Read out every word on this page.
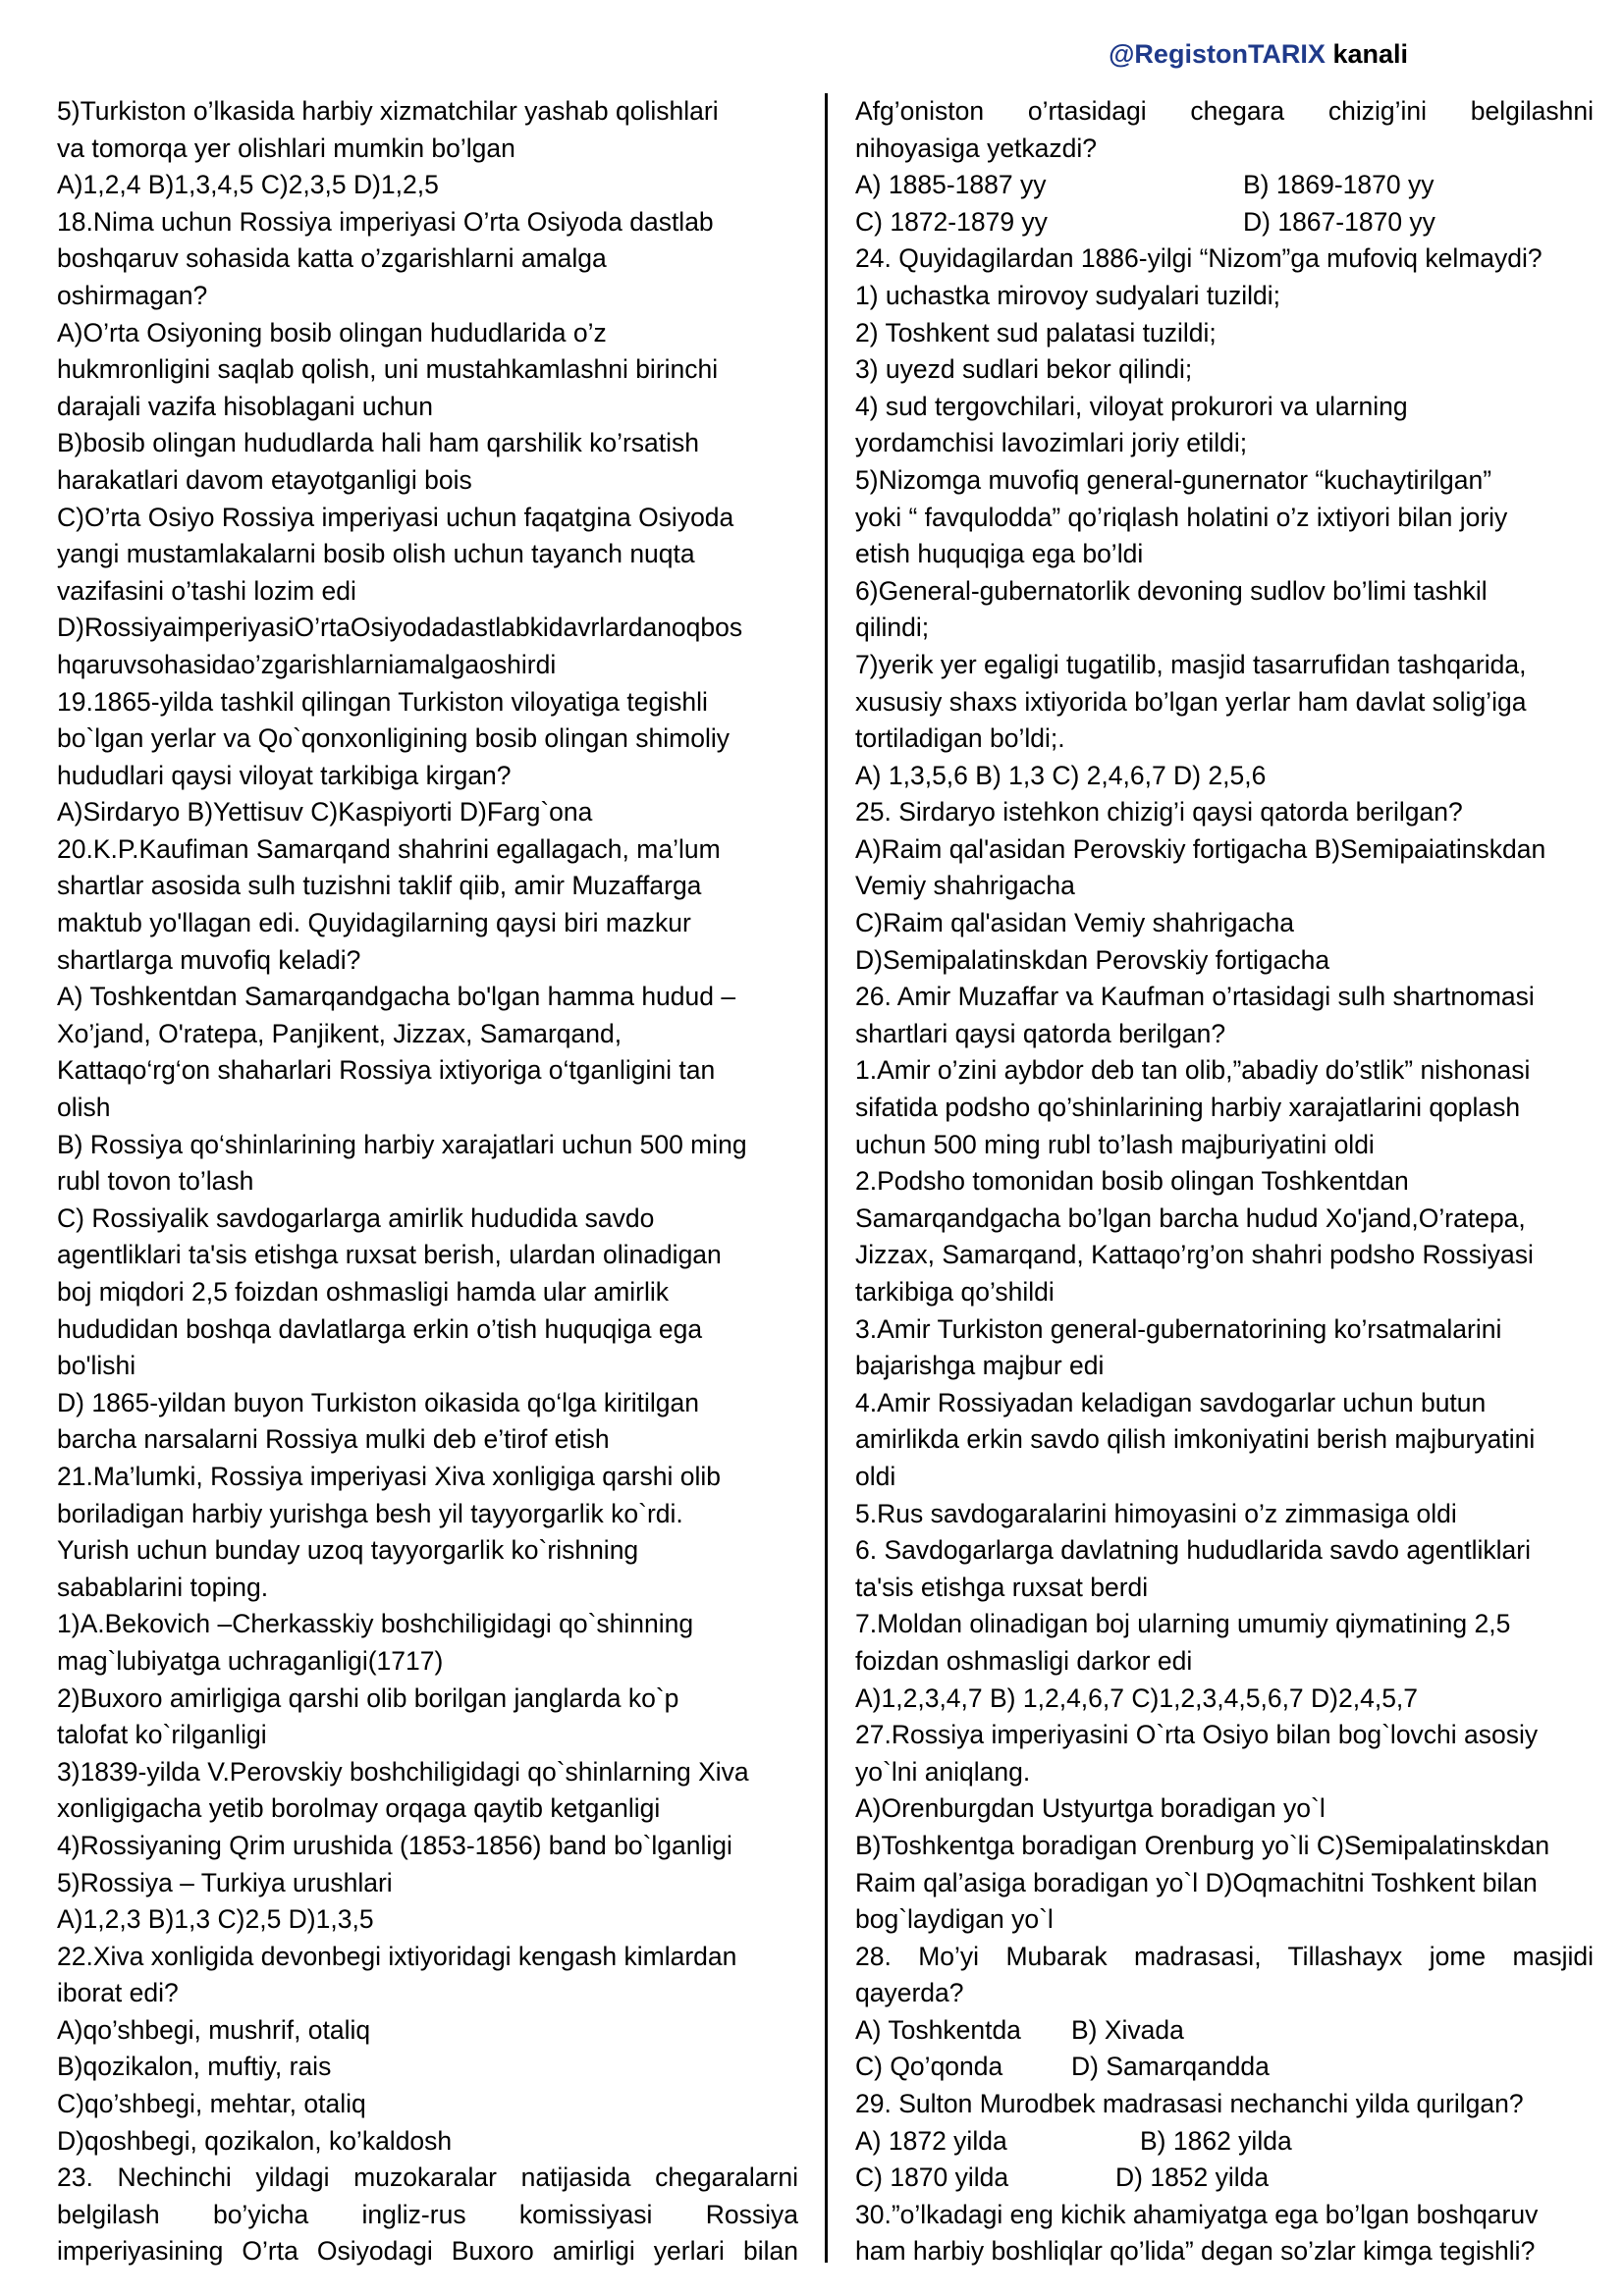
@RegistonTARIX kanali
5)Turkiston o’lkasida harbiy xizmatchilar yashab qolishlari
va tomorqa yer olishlari mumkin bo’lgan
A)1,2,4 B)1,3,4,5 C)2,3,5 D)1,2,5
18.Nima uchun Rossiya imperiyasi O’rta Osiyoda dastlab
boshqaruv sohasida katta o’zgarishlarni amalga
oshirmagan?
A)O’rta Osiyoning bosib olingan hududlarida o’z
hukmronligini saqlab qolish, uni mustahkamlashni birinchi
darajali vazifa hisoblagani uchun
B)bosib olingan hududlarda hali ham qarshilik ko’rsatish
harakatlari davom etayotganligi bois
C)O’rta Osiyo Rossiya imperiyasi uchun faqatgina Osiyoda
yangi mustamlakalarni bosib olish uchun tayanch nuqta
vazifasini o’tashi lozim edi
D)RossiyaimperiyasiO’rtaOsiyodadastlabkidavrlardanoqbos
hqaruvsohasidao’zgarishlarniamalgaoshirdi
19.1865-yilda tashkil qilingan Turkiston viloyatiga tegishli
bo`lgan yerlar va Qo`qonxonligining bosib olingan shimoliy
hududlari qaysi viloyat tarkibiga kirgan?
A)Sirdaryo B)Yettisuv C)Kaspiyorti D)Farg`ona
20.K.P.Kaufiman Samarqand shahrini egallagach, ma’lum
shartlar asosida sulh tuzishni taklif qiib, amir Muzaffarga
maktub yo'llagan edi. Quyidagilarning qaysi biri mazkur
shartlarga muvofiq keladi?
A) Toshkentdan Samarqandgacha bo'lgan hamma hudud –
Xo’jand, O'ratepa, Panjikent, Jizzax, Samarqand,
Kattaqo‘rg‘on shaharlari Rossiya ixtiyoriga o‘tganligini tan
olish
B) Rossiya qo‘shinlarining harbiy xarajatlari uchun 500 ming
rubl tovon to’lash
C) Rossiyalik savdogarlarga amirlik hududida savdo
agentliklari ta'sis etishga ruxsat berish, ulardan olinadigan
boj miqdori 2,5 foizdan oshmasligi hamda ular amirlik
hududidan boshqa davlatlarga erkin o’tish huquqiga ega
bo'lishi
D) 1865-yildan buyon Turkiston oikasida qo‘lga kiritilgan
barcha narsalarni Rossiya mulki deb e’tirof etish
21.Ma’lumki, Rossiya imperiyasi Xiva xonligiga qarshi olib
boriladigan harbiy yurishga besh yil tayyorgarlik ko`rdi.
Yurish uchun bunday uzoq tayyorgarlik ko`rishning
sabablarini toping.
1)A.Bekovich –Cherkasskiy boshchiligidagi qo`shinning
mag`lubiyatga uchraganligi(1717)
2)Buxoro amirligiga qarshi olib borilgan janglarda ko`p
talofat ko`rilganligi
3)1839-yilda V.Perovskiy boshchiligidagi qo`shinlarning Xiva
xonligigacha yetib borolmay orqaga qaytib ketganligi
4)Rossiyaning Qrim urushida (1853-1856) band bo`lganligi
5)Rossiya – Turkiya urushlari
A)1,2,3 B)1,3 C)2,5 D)1,3,5
22.Xiva xonligida devonbegi ixtiyoridagi kengash kimlardan
iborat edi?
A)qo’shbegi, mushrif, otaliq
B)qozikalon, muftiy, rais
C)qo’shbegi, mehtar, otaliq
D)qoshbegi, qozikalon, ko’kaldosh
23. Nechinchi yildagi muzokaralar natijasida chegaralarni
belgilash bo’yicha ingliz-rus komissiyasi Rossiya
imperiyasining O’rta Osiyodagi Buxoro amirligi yerlari bilan
Afg’oniston o’rtasidagi chegara chizig’ini belgilashni
nihoyasiga yetkazdi?
A) 1885-1887 yy	B) 1869-1870 yy
C) 1872-1879 yy	D) 1867-1870 yy
24. Quyidagilardan 1886-yilgi “Nizom”ga mufoviq kelmaydi?
1) uchastka mirovoy sudyalari tuzildi;
2) Toshkent sud palatasi tuzildi;
3) uyezd sudlari bekor qilindi;
4) sud tergovchilari, viloyat prokurori va ularning
yordamchisi lavozimlari joriy etildi;
5)Nizomga muvofiq general-gunernator “kuchaytirilgan”
yoki “ favqulodda” qo’riqlash holatini o’z ixtiyori bilan joriy
etish huquqiga ega bo’ldi
6)General-gubernatorlik devoning sudlov bo’limi tashkil
qilindi;
7)yerik yer egaligi tugatilib, masjid tasarrufidan tashqarida,
xususiy shaxs ixtiyorida bo’lgan yerlar ham davlat solig’iga
tortiladigan bo’ldi;.
A) 1,3,5,6 B) 1,3 C) 2,4,6,7 D) 2,5,6
25. Sirdaryo istehkon chizig’i qaysi qatorda berilgan?
A)Raim qal'asidan Perovskiy fortigacha B)Semipaiatinskdan
Vemiy shahrigacha
C)Raim qal'asidan Vemiy shahrigacha
D)Semipalatinskdan Perovskiy fortigacha
26. Amir Muzaffar va Kaufman o’rtasidagi sulh shartnomasi
shartlari qaysi qatorda berilgan?
1.Amir o’zini aybdor deb tan olib,”abadiy do’stlik” nishonasi
sifatida podsho qo’shinlarining harbiy xarajatlarini qoplash
uchun 500 ming rubl to’lash majburiyatini oldi
2.Podsho tomonidan bosib olingan Toshkentdan
Samarqandgacha bo’lgan barcha hudud Xo'jand,O’ratepa,
Jizzax, Samarqand, Kattaqo’rg’on shahri podsho Rossiyasi
tarkibiga qo’shildi
3.Amir Turkiston general-gubernatorining ko’rsatmalarini
bajarishga majbur edi
4.Amir Rossiyadan keladigan savdogarlar uchun butun
amirlikda erkin savdo qilish imkoniyatini berish majburyatini
oldi
5.Rus savdogaralarini himoyasini o’z zimmasiga oldi
6. Savdogarlarga davlatning hududlarida savdo agentliklari
ta'sis etishga ruxsat berdi
7.Moldan olinadigan boj ularning umumiy qiymatining 2,5
foizdan oshmasligi darkor edi
A)1,2,3,4,7 B) 1,2,4,6,7 C)1,2,3,4,5,6,7 D)2,4,5,7
27.Rossiya imperiyasini O`rta Osiyo bilan bog`lovchi asosiy
yo`lni aniqlang.
A)Orenburgdan Ustyurtga boradigan yo`l
B)Toshkentga boradigan Orenburg yo`li C)Semipalatinskdan
Raim qal’asiga boradigan yo`l D)Oqmachitni Toshkent bilan
bog`laydigan yo`l
28. Mo’yi Mubarak madrasasi, Tillashayx jome masjidi
qayerda?
A) Toshkentda	B) Xivada
C) Qo’qonda	D) Samarqandda
29. Sulton Murodbek madrasasi nechanchi yilda qurilgan?
A) 1872 yilda	B) 1862 yilda
C) 1870 yilda	D) 1852 yilda
30.”o’lkadagi eng kichik ahamiyatga ega bo’lgan boshqaruv
ham harbiy boshliqlar qo’lida” degan so’zlar kimga tegishli?
